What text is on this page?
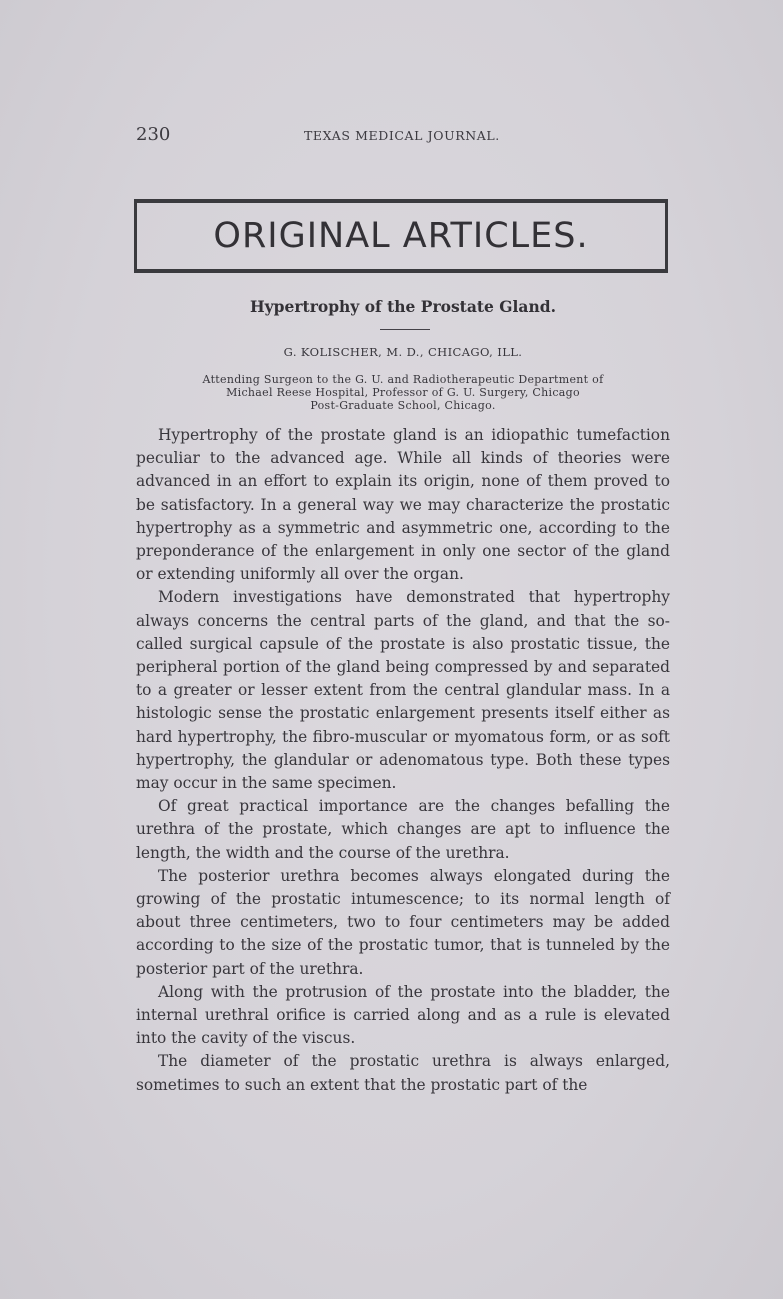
230	TEXAS MEDICAL JOURNAL.
ORIGINAL ARTICLES.
Hypertrophy of the Prostate Gland.
G. KOLISCHER, M. D., CHICAGO, ILL.
Attending Surgeon to the G. U. and Radiotherapeutic Department of
Michael Reese Hospital, Professor of G. U. Surgery, Chicago
Post-Graduate School, Chicago.

Hypertrophy of the prostate gland is an idiopathic tumefaction peculiar to the advanced age. While all kinds of theories were advanced in an effort to explain its origin, none of them proved to be satisfactory. In a general way we may characterize the prostatic hypertrophy as a symmetric and asymmetric one, according to the preponderance of the enlargement in only one sector of the gland or extending uniformly all over the organ.

Modern investigations have demonstrated that hypertrophy always concerns the central parts of the gland, and that the so-called surgical capsule of the prostate is also prostatic tissue, the peripheral portion of the gland being compressed by and separated to a greater or lesser extent from the central glandular mass. In a histologic sense the prostatic enlargement presents itself either as hard hypertrophy, the fibro-muscular or myomatous form, or as soft hypertrophy, the glandular or adenomatous type. Both these types may occur in the same specimen.

Of great practical importance are the changes befalling the urethra of the prostate, which changes are apt to influence the length, the width and the course of the urethra.

The posterior urethra becomes always elongated during the growing of the prostatic intumescence; to its normal length of about three centimeters, two to four centimeters may be added according to the size of the prostatic tumor, that is tunneled by the posterior part of the urethra.

Along with the protrusion of the prostate into the bladder, the internal urethral orifice is carried along and as a rule is elevated into the cavity of the viscus.

The diameter of the prostatic urethra is always enlarged, sometimes to such an extent that the prostatic part of the
